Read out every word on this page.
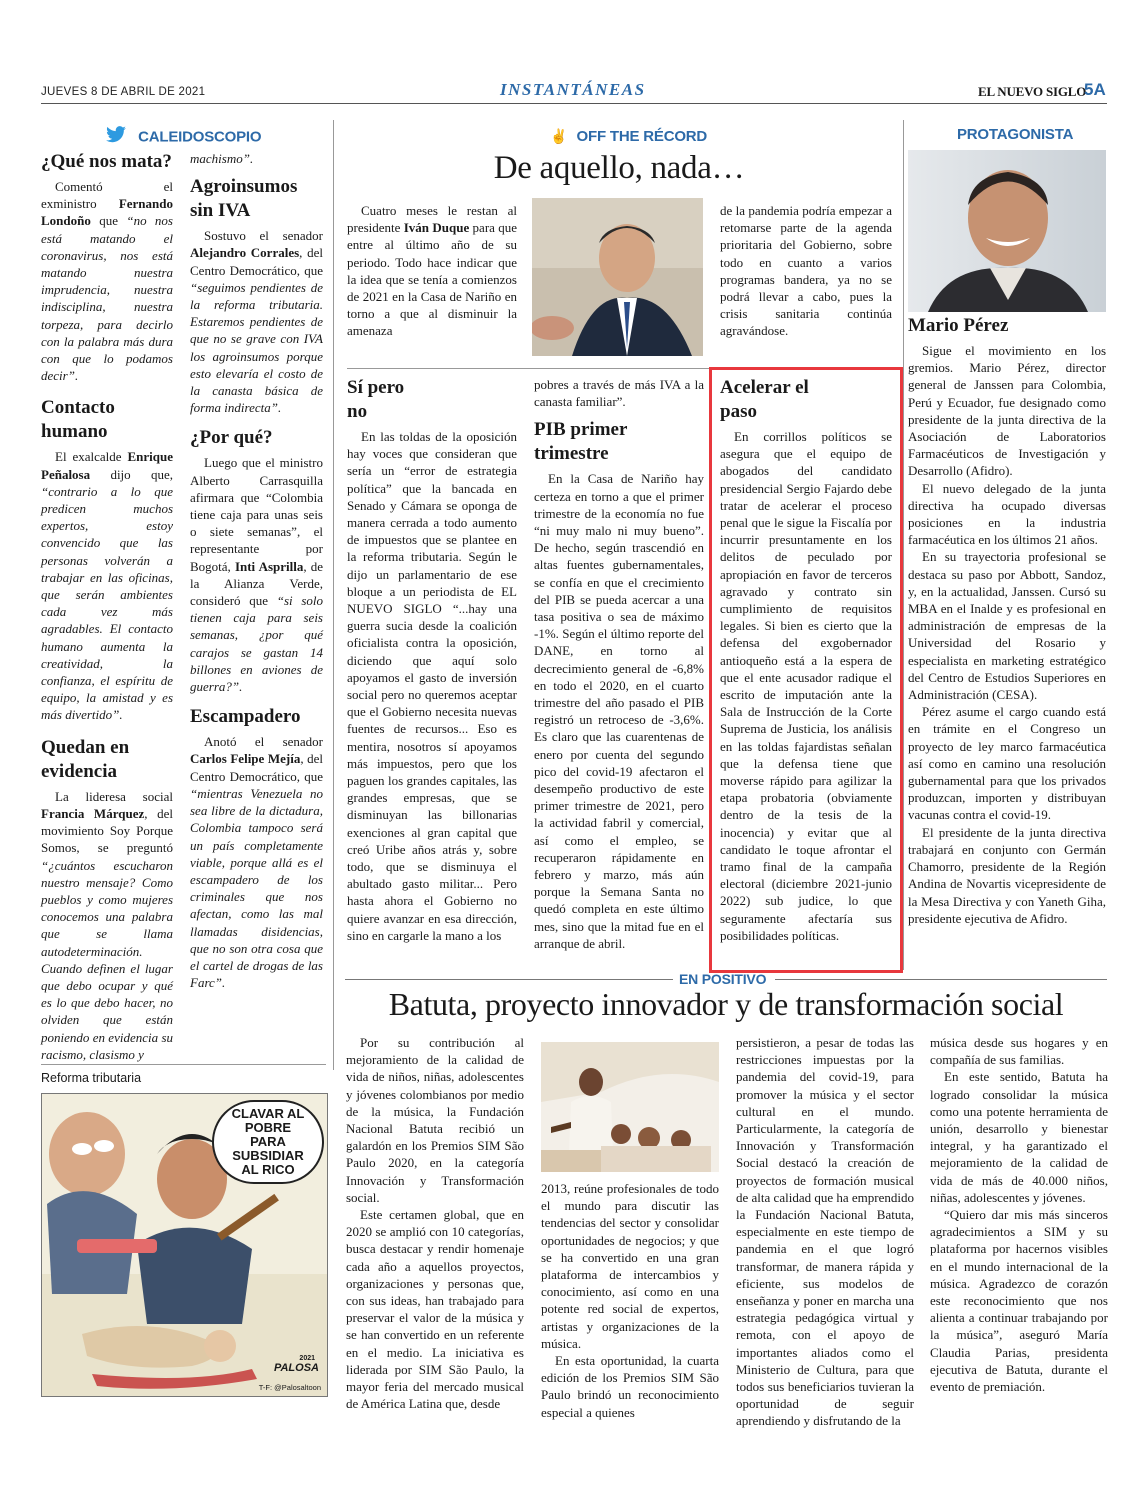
JUEVES 8 DE ABRIL DE 2021	INSTANTÁNEAS	EL NUEVO SIGLO
5A
CALEIDOSCOPIO
¿Qué nos mata?

Comentó el exministro Fernando Londoño que “no nos está matando el coronavirus, nos está matando nuestra imprudencia, nuestra indisciplina, nuestra torpeza, para decirlo con la palabra más dura con que lo podamos decir”.

Contacto humano

El exalcalde Enrique Peñalosa dijo que, “contrario a lo que predicen muchos expertos, estoy convencido que las personas volverán a trabajar en las oficinas, que serán ambientes cada vez más agradables. El contacto humano aumenta la creatividad, la confianza, el espíritu de equipo, la amistad y es más divertido”.

Quedan en evidencia

La lideresa social Francia Márquez, del movimiento Soy Porque Somos, se preguntó “¿cuántos escucharon nuestro mensaje? Como pueblos y como mujeres conocemos una palabra que se llama autodeterminación. Cuando definen el lugar que debo ocupar y qué es lo que debo hacer, no olviden que están poniendo en evidencia su racismo, clasismo y

machismo”.
Agroinsumos sin IVA

Sostuvo el senador Alejandro Corrales, del Centro Democrático, que “seguimos pendientes de la reforma tributaria. Estaremos pendientes de que no se grave con IVA los agroinsumos porque esto elevaría el costo de la canasta básica de forma indirecta”.

¿Por qué?

Luego que el ministro Alberto Carrasquilla afirmara que “Colombia tiene caja para unas seis o siete semanas”, el representante por Bogotá, Inti Asprilla, de la Alianza Verde, consideró que “si solo tienen caja para seis semanas, ¿por qué carajos se gastan 14 billones en aviones de guerra?”.

Escampadero

Anotó el senador Carlos Felipe Mejía, del Centro Democrático, que “mientras Venezuela no sea libre de la dictadura, Colombia tampoco será un país completamente viable, porque allá es el escampadero de los criminales que nos afectan, como las mal llamadas disidencias, que no son otra cosa que el cartel de drogas de las Farc”.

Reforma tributaria
CLAVAR AL POBRE PARA SUBSIDIAR AL RICO
2021
PALOSA
T-F: @Palosaltoon
✌ OFF THE RÉCORD
De aquello, nada…

Cuatro meses le restan al presidente Iván Duque para que entre al último año de su periodo. Todo hace indicar que la idea que se tenía a comienzos de 2021 en la Casa de Nariño en torno a que al disminuir la amenaza

de la pandemia podría empezar a retomarse parte de la agenda prioritaria del Gobierno, sobre todo en cuanto a varios programas bandera, ya no se podrá llevar a cabo, pues la crisis sanitaria continúa agravándose.

Sí pero no

En las toldas de la oposición hay voces que consideran que sería un “error de estrategia política” que la bancada en Senado y Cámara se oponga de manera cerrada a todo aumento de impuestos que se plantee en la reforma tributaria. Según le dijo un parlamentario de ese bloque a un periodista de EL NUEVO SIGLO “...hay una guerra sucia desde la coalición oficialista contra la oposición, diciendo que aquí solo apoyamos el gasto de inversión social pero no queremos aceptar que el Gobierno necesita nuevas fuentes de recursos... Eso es mentira, nosotros sí apoyamos más impuestos, pero que los paguen los grandes capitales, las grandes empresas, que se disminuyan las billonarias exenciones al gran capital que creó Uribe años atrás y, sobre todo, que se disminuya el abultado gasto militar... Pero hasta ahora el Gobierno no quiere avanzar en esa dirección, sino en cargarle la mano a los

pobres a través de más IVA a la canasta familiar”.

PIB primer trimestre

En la Casa de Nariño hay certeza en torno a que el primer trimestre de la economía no fue “ni muy malo ni muy bueno”. De hecho, según trascendió en altas fuentes gubernamentales, se confía en que el crecimiento del PIB se pueda acercar a una tasa positiva o sea de máximo -1%. Según el último reporte del DANE, en torno al decrecimiento general de -6,8% en todo el 2020, en el cuarto trimestre del año pasado el PIB registró un retroceso de -3,6%. Es claro que las cuarentenas de enero por cuenta del segundo pico del covid-19 afectaron el desempeño productivo de este primer trimestre de 2021, pero la actividad fabril y comercial, así como el empleo, se recuperaron rápidamente en febrero y marzo, más aún porque la Semana Santa no quedó completa en este último mes, sino que la mitad fue en el arranque de abril.

Acelerar el paso

En corrillos políticos se asegura que el equipo de abogados del candidato presidencial Sergio Fajardo debe tratar de acelerar el proceso penal que le sigue la Fiscalía por incurrir presuntamente en los delitos de peculado por apropiación en favor de terceros agravado y contrato sin cumplimiento de requisitos legales. Si bien es cierto que la defensa del exgobernador antioqueño está a la espera de que el ente acusador radique el escrito de imputación ante la Sala de Instrucción de la Corte Suprema de Justicia, los análisis en las toldas fajardistas señalan que la defensa tiene que moverse rápido para agilizar la etapa probatoria (obviamente dentro de la tesis de la inocencia) y evitar que al candidato le toque afrontar el tramo final de la campaña electoral (diciembre 2021-junio 2022) sub judice, lo que seguramente afectaría sus posibilidades políticas.

PROTAGONISTA
Mario Pérez

Sigue el movimiento en los gremios. Mario Pérez, director general de Janssen para Colombia, Perú y Ecuador, fue designado como presidente de la junta directiva de la Asociación de Laboratorios Farmacéuticos de Investigación y Desarrollo (Afidro).

El nuevo delegado de la junta directiva ha ocupado diversas posiciones en la industria farmacéutica en los últimos 21 años.

En su trayectoria profesional se destaca su paso por Abbott, Sandoz, y, en la actualidad, Janssen. Cursó su MBA en el Inalde y es profesional en administración de empresas de la Universidad del Rosario y especialista en marketing estratégico del Centro de Estudios Superiores en Administración (CESA).

Pérez asume el cargo cuando está en trámite en el Congreso un proyecto de ley marco farmacéutica así como en camino una resolución gubernamental para que los privados produzcan, importen y distribuyan vacunas contra el covid-19.

El presidente de la junta directiva trabajará en conjunto con Germán Chamorro, presidente de la Región Andina de Novartis vicepresidente de la Mesa Directiva y con Yaneth Giha, presidente ejecutiva de Afidro.

EN POSITIVO
Batuta, proyecto innovador y de transformación social

Por su contribución al mejoramiento de la calidad de vida de niños, niñas, adolescentes y jóvenes colombianos por medio de la música, la Fundación Nacional Batuta recibió un galardón en los Premios SIM São Paulo 2020, en la categoría Innovación y Transformación social.

Este certamen global, que en 2020 se amplió con 10 categorías, busca destacar y rendir homenaje cada año a aquellos proyectos, organizaciones y personas que, con sus ideas, han trabajado para preservar el valor de la música y se han convertido en un referente en el medio. La iniciativa es liderada por SIM São Paulo, la mayor feria del mercado musical de América Latina que, desde

2013, reúne profesionales de todo el mundo para discutir las tendencias del sector y consolidar oportunidades de negocios; y que se ha convertido en una gran plataforma de intercambios y conocimiento, así como en una potente red social de expertos, artistas y organizaciones de la música.

En esta oportunidad, la cuarta edición de los Premios SIM São Paulo brindó un reconocimiento especial a quienes

persistieron, a pesar de todas las restricciones impuestas por la pandemia del covid-19, para promover la música y el sector cultural en el mundo. Particularmente, la categoría de Innovación y Transformación Social destacó la creación de proyectos de formación musical de alta calidad que ha emprendido la Fundación Nacional Batuta, especialmente en este tiempo de pandemia en el que logró transformar, de manera rápida y eficiente, sus modelos de enseñanza y poner en marcha una estrategia pedagógica virtual y remota, con el apoyo de importantes aliados como el Ministerio de Cultura, para que todos sus beneficiarios tuvieran la oportunidad de seguir aprendiendo y disfrutando de la

música desde sus hogares y en compañía de sus familias.

En este sentido, Batuta ha logrado consolidar la música como una potente herramienta de unión, desarrollo y bienestar integral, y ha garantizado el mejoramiento de la calidad de vida de más de 40.000 niños, niñas, adolescentes y jóvenes.

“Quiero dar mis más sinceros agradecimientos a SIM y su plataforma por hacernos visibles en el mundo internacional de la música. Agradezco de corazón este reconocimiento que nos alienta a continuar trabajando por la música”, aseguró María Claudia Parias, presidenta ejecutiva de Batuta, durante el evento de premiación.
